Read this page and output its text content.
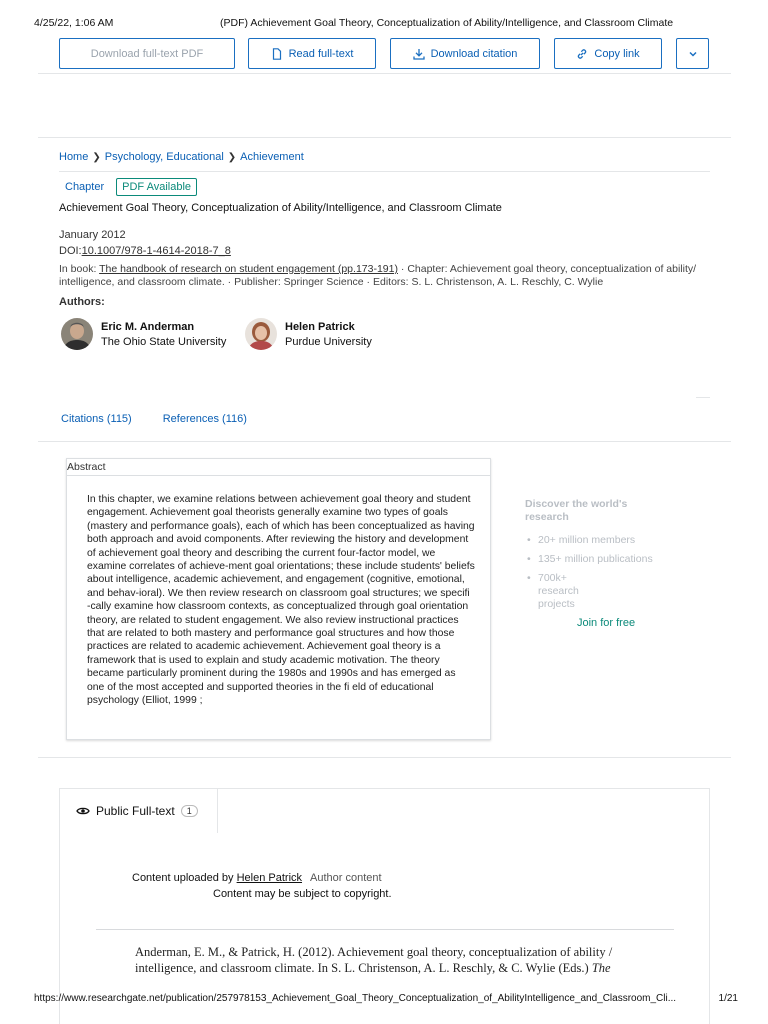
4/25/22, 1:06 AM	(PDF) Achievement Goal Theory, Conceptualization of Ability/Intelligence, and Classroom Climate
Download full-text PDF	Read full-text	Download citation	Copy link
Home ❯ Psychology, Educational ❯ Achievement
Chapter	PDF Available
Achievement Goal Theory, Conceptualization of Ability/Intelligence, and Classroom Climate
January 2012
DOI:10.1007/978-1-4614-2018-7_8
In book: The handbook of research on student engagement (pp.173-191) · Chapter: Achievement goal theory, conceptualization of ability/ intelligence, and classroom climate. · Publisher: Springer Science · Editors: S. L. Christenson, A. L. Reschly, C. Wylie
Authors:
Eric M. Anderman
The Ohio State University
Helen Patrick
Purdue University
Citations (115)	References (116)
Abstract
In this chapter, we examine relations between achievement goal theory and student engagement. Achievement goal theorists generally examine two types of goals (mastery and performance goals), each of which has been conceptualized as having both approach and avoid components. After reviewing the history and development of achievement goal theory and describing the current four-factor model, we examine correlates of achieve-ment goal orientations; these include students' beliefs about intelligence, academic achievement, and engagement (cognitive, emotional, and behav-ioral). We then review research on classroom goal structures; we specifi -cally examine how classroom contexts, as conceptualized through goal orientation theory, are related to student engagement. We also review instructional practices that are related to both mastery and performance goal structures and how those practices are related to academic achievement. Achievement goal theory is a framework that is used to explain and study academic motivation. The theory became particularly prominent during the 1980s and 1990s and has emerged as one of the most accepted and supported theories in the fi eld of educational psychology (Elliot, 1999 ;
Discover the world's research
• 20+ million members
• 135+ million publications
• 700k+ research projects
Join for free
Public Full-text	1
Content uploaded by Helen Patrick Author content
Content may be subject to copyright.
Anderman, E. M., & Patrick, H. (2012). Achievement goal theory, conceptualization of ability / intelligence, and classroom climate. In S. L. Christenson, A. L. Reschly, & C. Wylie (Eds.) The
https://www.researchgate.net/publication/257978153_Achievement_Goal_Theory_Conceptualization_of_AbilityIntelligence_and_Classroom_Cli...	1/21
